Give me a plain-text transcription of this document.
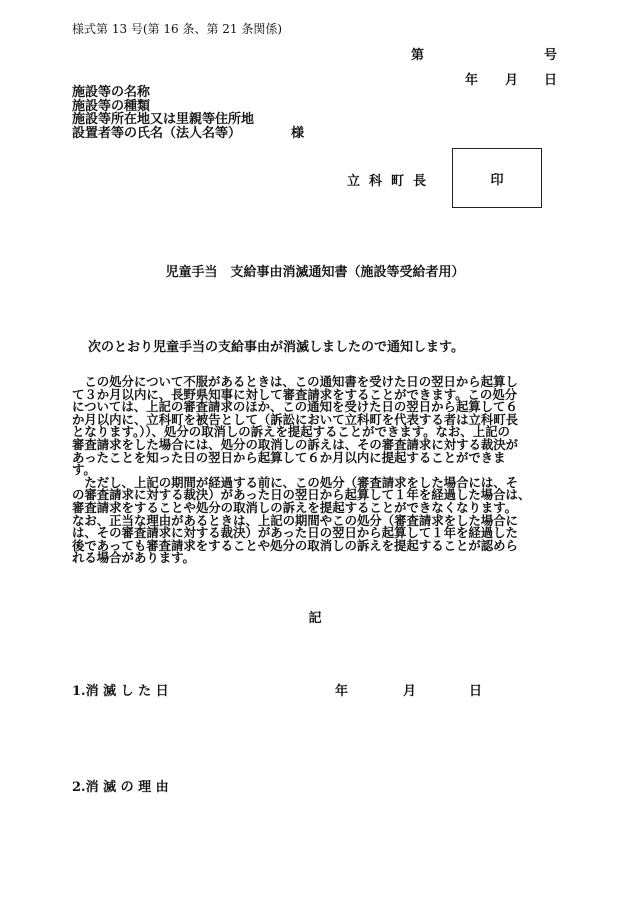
様式第 13 号(第 16 条、第 21 条関係)
第	号
年 月 日
施設等の名称
施設等の種類
施設等所在地又は里親等住所地
設置者等の氏名（法人名等）	様
立科町長	印
児童手当　支給事由消滅通知書（施設等受給者用）
次のとおり児童手当の支給事由が消滅しましたので通知します。
　この処分について不服があるときは、この通知書を受けた日の翌日から起算し
て３か月以内に、長野県知事に対して審査請求をすることができます。この処分
については、上記の審査請求のほか、この通知を受けた日の翌日から起算して６
か月以内に、立科町を被告として（訴訟において立科町を代表する者は立科町長
となります。））、処分の取消しの訴えを提起することができます。なお、上記の
審査請求をした場合には、処分の取消しの訴えは、その審査請求に対する裁決が
あったことを知った日の翌日から起算して６か月以内に提起することができま
す。
　ただし、上記の期間が経過する前に、この処分（審査請求をした場合には、そ
の審査請求に対する裁決）があった日の翌日から起算して１年を経過した場合は、
審査請求をすることや処分の取消しの訴えを提起することができなくなります。
なお、正当な理由があるときは、上記の期間やこの処分（審査請求をした場合に
は、その審査請求に対する裁決）があった日の翌日から起算して１年を経過した
後であっても審査請求をすることや処分の取消しの訴えを提起することが認めら
れる場合があります。
記
1.消 滅 し た 日	年	月	日
2.消 滅 の 理 由
